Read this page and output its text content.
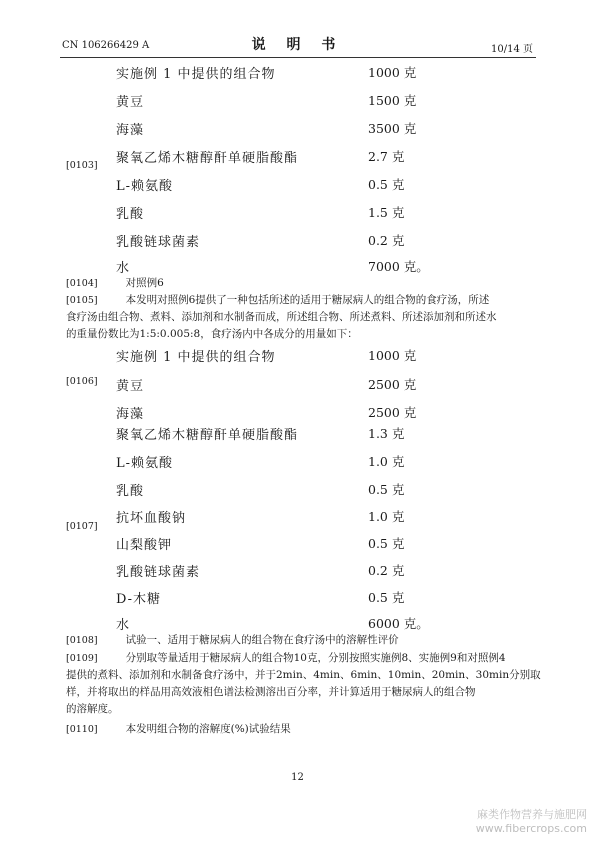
CN 106266429 A	说 明 书	10/14 页
[0103]
实施例 1 中提供的组合物	1000 克
黄豆	1500 克
海藻	3500 克
聚氧乙烯木糖醇酐单硬脂酸酯	2.7 克
L-赖氨酸	0.5 克
乳酸	1.5 克
乳酸链球菌素	0.2 克
水	7000 克。
[0104]	对照例6
[0105]	本发明对照例6提供了一种包括所述的适用于糖尿病人的组合物的食疗汤，所述
食疗汤由组合物、煮料、添加剂和水制备而成，所述组合物、所述煮料、所述添加剂和所述水
的重量份数比为1:5:0.005:8，食疗汤内中各成分的用量如下：
[0106]
[0107]
实施例 1 中提供的组合物	1000 克
黄豆	2500 克
海藻	2500 克
聚氧乙烯木糖醇酐单硬脂酸酯	1.3 克
L-赖氨酸	1.0 克
乳酸	0.5 克
抗坏血酸钠	1.0 克
山梨酸钾	0.5 克
乳酸链球菌素	0.2 克
D-木糖	0.5 克
水	6000 克。
[0108]	试验一、适用于糖尿病人的组合物在食疗汤中的溶解性评价
[0109]	分别取等量适用于糖尿病人的组合物10克，分别按照实施例8、实施例9和对照例4
提供的煮料、添加剂和水制备食疗汤中，并于2min、4min、6min、10min、20min、30min分别取
样，并将取出的样品用高效液相色谱法检测溶出百分率，并计算适用于糖尿病人的组合物
的溶解度。
[0110]	本发明组合物的溶解度(%)试验结果
12
麻类作物营养与施肥网
www.fibercrops.com
